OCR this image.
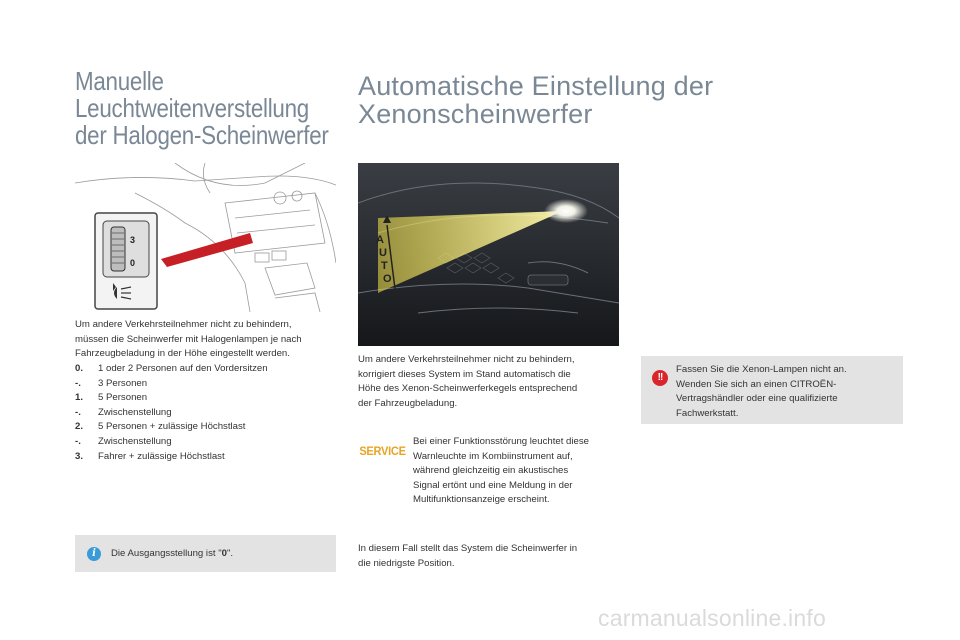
Manuelle
Leuchtweitenverstellung
der Halogen-Scheinwerfer
Automatische Einstellung der
Xenonscheinwerfer
3
0
A
U
T
O
AUTO
Um andere Verkehrsteilnehmer nicht zu behindern,
müssen die Scheinwerfer mit Halogenlampen je nach
Fahrzeugbeladung in der Höhe eingestellt werden.
0.	1 oder 2 Personen auf den Vordersitzen
-.	3 Personen
1.	5 Personen
-.	Zwischenstellung
2.	5 Personen + zulässige Höchstlast
-.	Zwischenstellung
3.	Fahrer + zulässige Höchstlast
i	Die Ausgangsstellung ist "0".
Um andere Verkehrsteilnehmer nicht zu behindern,
korrigiert dieses System im Stand automatisch die
Höhe des Xenon-Scheinwerferkegels entsprechend
der Fahrzeugbeladung.
SERVICE
Bei einer Funktionsstörung leuchtet diese
Warnleuchte im Kombiinstrument auf,
während gleichzeitig ein akustisches
Signal ertönt und eine Meldung in der
Multifunktionsanzeige erscheint.
In diesem Fall stellt das System die Scheinwerfer in
die niedrigste Position.
!!
Fassen Sie die Xenon-Lampen nicht an.
Wenden Sie sich an einen CITROËN-
Vertragshändler oder eine qualifizierte
Fachwerkstatt.
carmanualsonline.info
